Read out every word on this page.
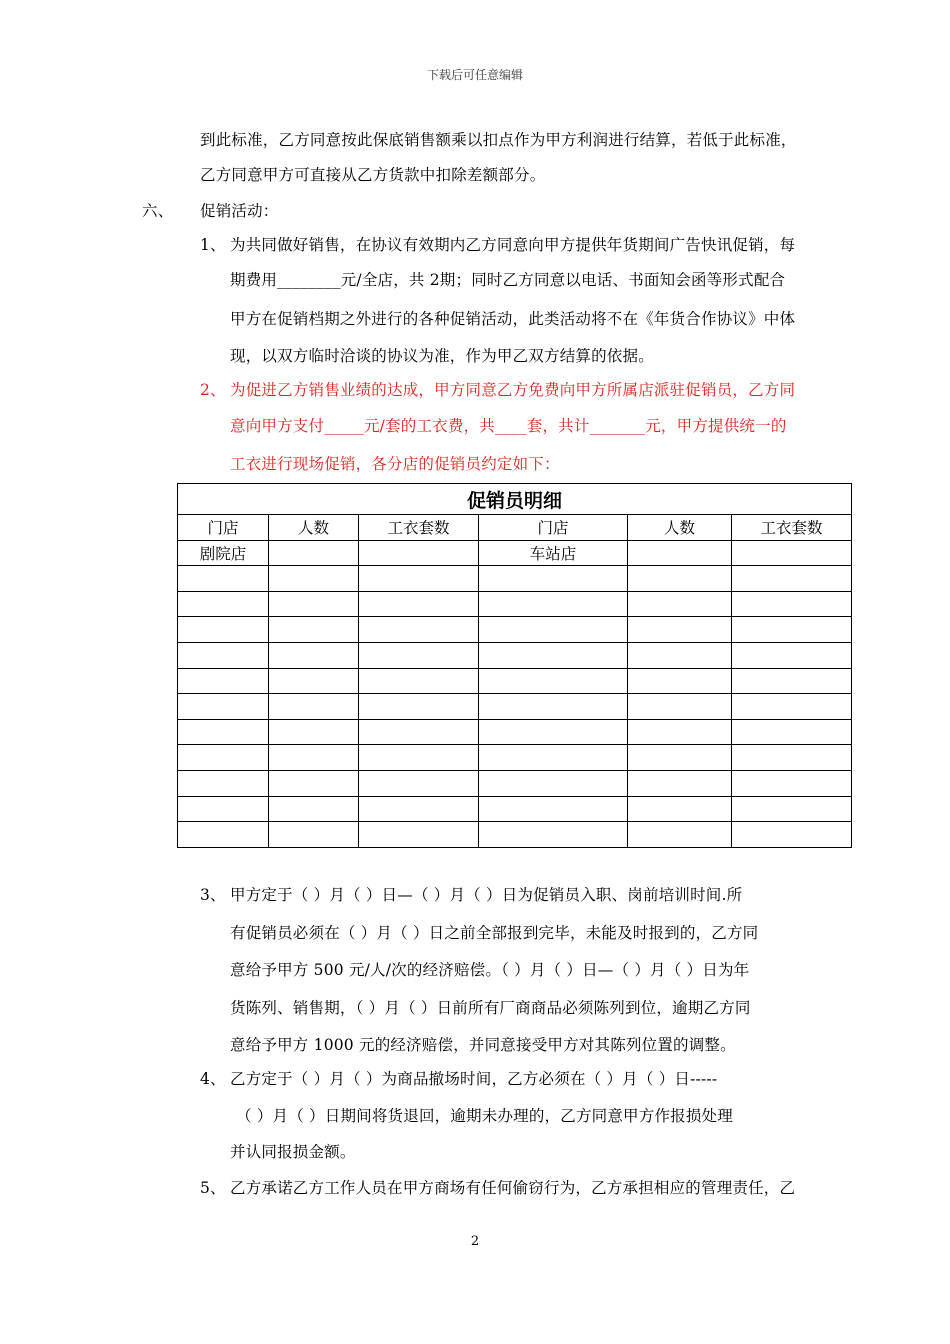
下载后可任意编辑
到此标准，乙方同意按此保底销售额乘以扣点作为甲方利润进行结算，若低于此标准，
乙方同意甲方可直接从乙方货款中扣除差额部分。
六、 促销活动：
1、 为共同做好销售，在协议有效期内乙方同意向甲方提供年货期间广告快讯促销，每
期费用________元/全店，共 2期；同时乙方同意以电话、书面知会函等形式配合
甲方在促销档期之外进行的各种促销活动，此类活动将不在《年货合作协议》中体
现，以双方临时洽谈的协议为准，作为甲乙双方结算的依据。
2、 为促进乙方销售业绩的达成，甲方同意乙方免费向甲方所属店派驻促销员，乙方同
意向甲方支付_____元/套的工衣费，共____套，共计_______元，甲方提供统一的
工衣进行现场促销，各分店的促销员约定如下：
促销员明细					
门店	人数	工衣套数	门店	人数	工衣套数
剧院店			车站店		

3、 甲方定于（ ）月（ ）日—（ ）月（ ）日为促销员入职、岗前培训时间.所
有促销员必须在（ ）月（ ）日之前全部报到完毕，未能及时报到的，乙方同
意给予甲方 500 元/人/次的经济赔偿。（ ）月（ ）日—（ ）月（ ）日为年
货陈列、销售期，（ ）月（ ）日前所有厂商商品必须陈列到位，逾期乙方同
意给予甲方 1000 元的经济赔偿，并同意接受甲方对其陈列位置的调整。
4、 乙方定于（ ）月（ ）为商品撤场时间，乙方必须在（ ）月（ ）日-----
（ ）月（ ）日期间将货退回，逾期未办理的，乙方同意甲方作报损处理
并认同报损金额。
5、 乙方承诺乙方工作人员在甲方商场有任何偷窃行为，乙方承担相应的管理责任，乙
2
